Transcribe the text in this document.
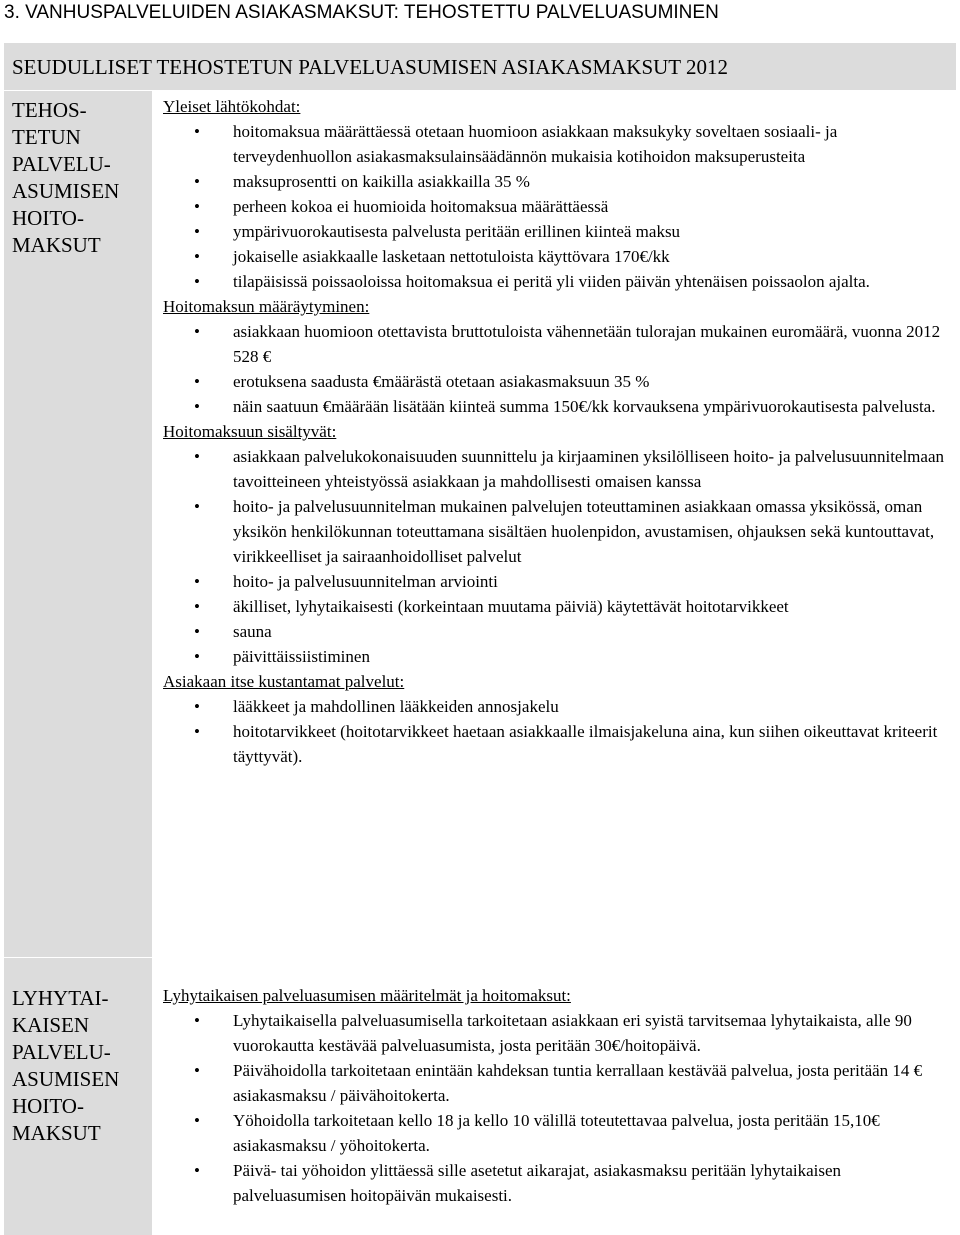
3. VANHUSPALVELUIDEN ASIAKASMAKSUT: TEHOSTETTU PALVELUASUMINEN
SEUDULLISET TEHOSTETUN PALVELUASUMISEN ASIAKASMAKSUT 2012
TEHOS-
TETUN
PALVELU-
ASUMISEN
HOITO-
MAKSUT
Yleiset lähtökohdat:
• hoitomaksua määrättäessä otetaan huomioon asiakkaan maksukyky soveltaen sosiaali- ja terveydenhuollon asiakasmaksulainsäädännön mukaisia kotihoidon maksuperusteita
• maksuprosentti on kaikilla asiakkailla 35 %
• perheen kokoa ei huomioida hoitomaksua määrättäessä
• ympärivuorokautisesta palvelusta peritään erillinen kiinteä maksu
• jokaiselle asiakkaalle lasketaan nettotuloista käyttövara 170€/kk
• tilapäisissä poissaoloissa hoitomaksua ei peritä yli viiden päivän yhtenäisen poissaolon ajalta.
Hoitomaksun määräytyminen:
• asiakkaan huomioon otettavista bruttotuloista vähennetään tulorajan mukainen euromäärä, vuonna 2012 528 €
• erotuksena saadusta €määrästä otetaan asiakasmaksuun 35 %
• näin saatuun €määrään lisätään kiinteä summa 150€/kk korvauksena ympärivuorokautisesta palvelusta.
Hoitomaksuun sisältyvät:
• asiakkaan palvelukokonaisuuden suunnittelu ja kirjaaminen yksilölliseen hoito- ja palvelusuunnitelmaan tavoitteineen yhteistyössä asiakkaan ja mahdollisesti omaisen kanssa
• hoito- ja palvelusuunnitelman mukainen palvelujen toteuttaminen asiakkaan omassa yksikössä, oman yksikön henkilökunnan toteuttamana sisältäen huolenpidon, avustamisen, ohjauksen sekä kuntouttavat, virikkeelliset ja sairaanhoidolliset palvelut
• hoito- ja palvelusuunnitelman arviointi
• äkilliset, lyhytaikaisesti (korkeintaan muutama päiviä) käytettävät hoitotarvikkeet
• sauna
• päivittäissiistiminen
Asiakaan itse kustantamat palvelut:
• lääkkeet ja mahdollinen lääkkeiden annosjakelu
• hoitotarvikkeet (hoitotarvikkeet haetaan asiakkaalle ilmaisjakeluna aina, kun siihen oikeuttavat kriteerit täyttyvät).
LYHYTAI-
KAISEN
PALVELU-
ASUMISEN
HOITO-
MAKSUT
Lyhytaikaisen palveluasumisen määritelmät ja hoitomaksut:
• Lyhytaikaisella palveluasumisella tarkoitetaan asiakkaan eri syistä tarvitsemaa lyhytaikaista, alle 90 vuorokautta kestävää palveluasumista, josta peritään 30€/hoitopäivä.
• Päivähoidolla tarkoitetaan enintään kahdeksan tuntia kerrallaan kestävää palvelua, josta peritään 14 € asiakasmaksu / päivähoitokerta.
• Yöhoidolla tarkoitetaan kello 18 ja kello 10 välillä toteutettavaa palvelua, josta peritään 15,10€ asiakasmaksu / yöhoitokerta.
• Päivä- tai yöhoidon ylittäessä sille asetetut aikarajat, asiakasmaksu peritään lyhytaikaisen palveluasumisen hoitopäivän mukaisesti.
